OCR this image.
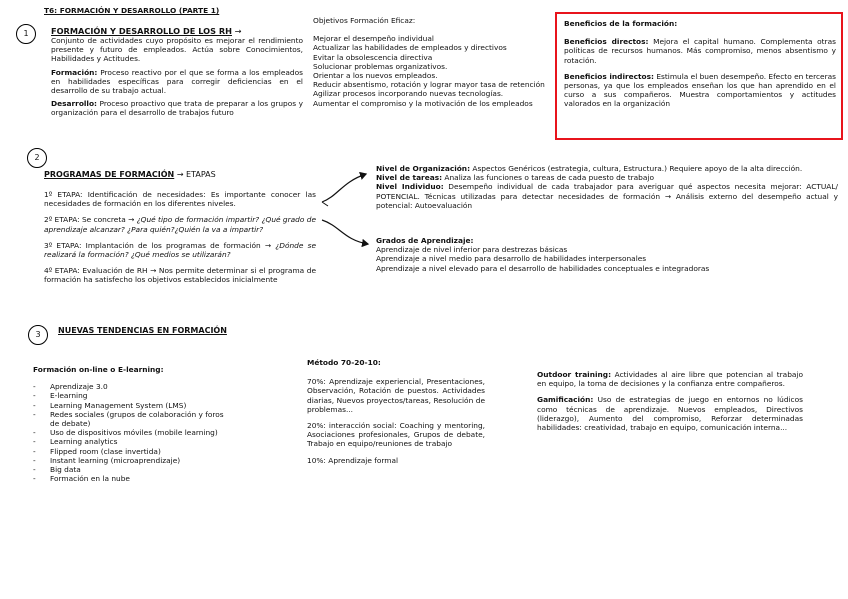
T6: FORMACIÓN Y DESARROLLO (PARTE 1)
1	FORMACIÓN Y DESARROLLO DE LOS RH →
Conjunto de actividades cuyo propósito es mejorar el rendimiento presente y futuro de empleados. Actúa sobre Conocimientos, Habilidades y Actitudes.
Formación: Proceso reactivo por el que se forma a los empleados en habilidades específicas para corregir deficiencias en el desarrollo de su trabajo actual.
Desarrollo: Proceso proactivo que trata de preparar a los grupos y organización para el desarrollo de trabajos futuro
Objetivos Formación Eficaz:
Mejorar el desempeño individual
Actualizar las habilidades de empleados y directivos
Evitar la obsolescencia directiva
Solucionar problemas organizativos.
Orientar a los nuevos empleados.
Reducir absentismo, rotación y lograr mayor tasa de retención
Agilizar procesos incorporando nuevas tecnologías.
Aumentar el compromiso y la motivación de los empleados
Beneficios de la formación:
Beneficios directos: Mejora el capital humano. Complementa otras políticas de recursos humanos. Más compromiso, menos absentismo y rotación.
Beneficios indirectos: Estimula el buen desempeño. Efecto en terceras personas, ya que los empleados enseñan los que han aprendido en el curso a sus compañeros. Muestra comportamientos y actitudes valorados en la organización
2
PROGRAMAS DE FORMACIÓN → ETAPAS
1º ETAPA: Identificación de necesidades: Es importante conocer las necesidades de formación en los diferentes niveles.
2º ETAPA: Se concreta → ¿Qué tipo de formación impartir? ¿Qué grado de aprendizaje alcanzar? ¿Para quién?¿Quién la va a impartir?
3º ETAPA: Implantación de los programas de formación → ¿Dónde se realizará la formación? ¿Qué medios se utilizarán?
4º ETAPA: Evaluación de RH → Nos permite determinar si el programa de formación ha satisfecho los objetivos establecidos inicialmente
Nivel de Organización: Aspectos Genéricos (estrategia, cultura, Estructura.) Requiere apoyo de la alta dirección.
Nivel de tareas: Analiza las funciones o tareas de cada puesto de trabajo
Nivel Individuo: Desempeño individual de cada trabajador para averiguar qué aspectos necesita mejorar: ACTUAL/ POTENCIAL. Técnicas utilizadas para detectar necesidades de formación → Análisis externo del desempeño actual y potencial: Autoevaluación
Grados de Aprendizaje:
Aprendizaje de nivel inferior para destrezas básicas
Aprendizaje a nivel medio para desarrollo de habilidades interpersonales
Aprendizaje a nivel elevado para el desarrollo de habilidades conceptuales e integradoras
3	NUEVAS TENDENCIAS EN FORMACIÓN
Formación on-line o E-learning:
- Aprendizaje 3.0
- E-learning
- Learning Management System (LMS)
- Redes sociales (grupos de colaboración y foros de debate)
- Uso de dispositivos móviles (mobile learning)
- Learning analytics
- Flipped room (clase invertida)
- Instant learning (microaprendizaje)
- Big data
- Formación en la nube
Método 70-20-10:
70%: Aprendizaje experiencial, Presentaciones, Observación, Rotación de puestos. Actividades diarias, Nuevos proyectos/tareas, Resolución de problemas...
20%: interacción social: Coaching y mentoring, Asociaciones profesionales, Grupos de debate, Trabajo en equipo/reuniones de trabajo
10%: Aprendizaje formal
Outdoor training: Actividades al aire libre que potencian al trabajo en equipo, la toma de decisiones y la confianza entre compañeros.
Gamificación: Uso de estrategias de juego en entornos no lúdicos como técnicas de aprendizaje. Nuevos empleados, Directivos (liderazgo), Aumento del compromiso, Reforzar determinadas habilidades: creatividad, trabajo en equipo, comunicación interna...
